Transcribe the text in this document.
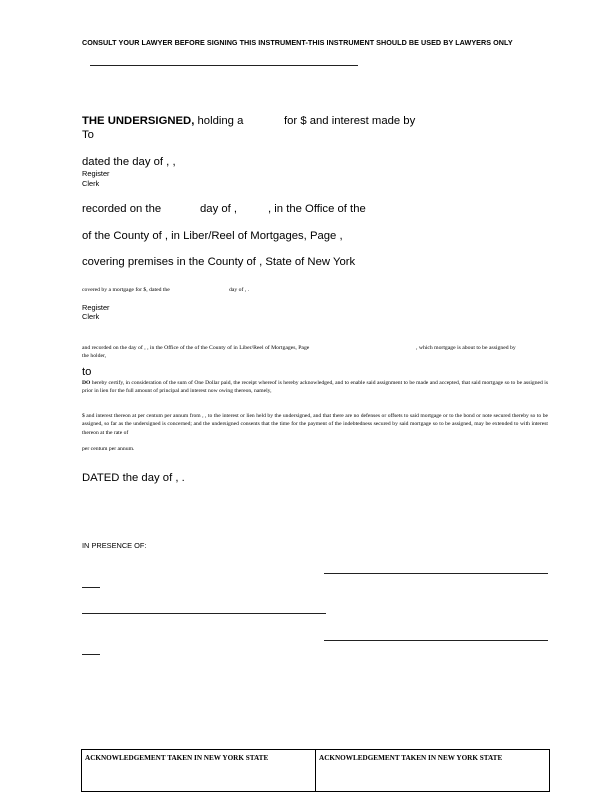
CONSULT YOUR LAWYER BEFORE SIGNING THIS INSTRUMENT-THIS INSTRUMENT SHOULD BE USED BY LAWYERS ONLY
THE UNDERSIGNED, holding a	for $ and interest made by
To
dated the day of , ,
Register
Clerk
recorded on the	day of ,	, in the Office of the
of the County of , in Liber/Reel of Mortgages, Page ,
covering premises in the County of , State of New York
covered by a mortgage for $, dated the	day of , .
Register
Clerk
and recorded on the day of , , in the Office of the of the County of in Liber/Reel of Mortgages, Page	, which mortgage is about to be assigned by
the holder,
to
DO hereby certify, in consideration of the sum of One Dollar paid, the receipt whereof is hereby acknowledged, and to enable said assignment to be made and accepted, that said mortgage so to be assigned is prior in lien for the full amount of principal and interest now owing thereon, namely,
$ and interest thereon at per centum per annum from , , to the interest or lien held by the undersigned, and that there are no defenses or offsets to said mortgage or to the bond or note secured thereby so to be assigned, so far as the undersigned is concerned; and the undersigned consents that the time for the payment of the indebtedness secured by said mortgage so to be assigned, may be extended to with interest thereon at the rate of
per centum per annum.
DATED the day of , .
IN PRESENCE OF:
ACKNOWLEDGEMENT TAKEN IN NEW YORK STATE	ACKNOWLEDGEMENT TAKEN IN NEW YORK STATE
